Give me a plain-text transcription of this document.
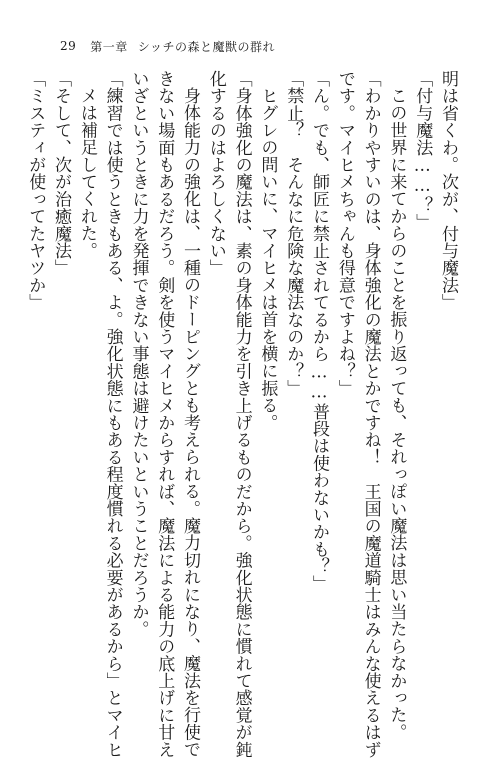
29 第一章 シッチの森と魔獣の群れ
明は省くわ。次が、付与魔法」
「付与魔法……？」
この世界に来てからのことを振り返っても、それっぽい魔法は思い当たらなかった。
「わかりやすいのは、身体強化の魔法とかですね！　王国の魔道騎士はみんな使えるはず
です。マイヒメちゃんも得意ですよね？」
「ん。でも、師匠に禁止されてるから……普段は使わないかも？」
「禁止？　そんなに危険な魔法なのか？」
ヒグレの問いに、マイヒメは首を横に振る。
「身体強化の魔法は、素の身体能力を引き上げるものだから。強化状態に慣れて感覚が鈍
化するのはよろしくない」
身体能力の強化は、一種のドーピングとも考えられる。魔力切れになり、魔法を行使で
きない場面もあるだろう。剣を使うマイヒメからすれば、魔法による能力の底上げに甘え
いざというときに力を発揮できない事態は避けたいということだろうか。
「練習では使うときもある、よ。強化状態にもある程度慣れる必要があるから」とマイヒ
メは補足してくれた。
「そして、次が治癒魔法」
「ミスティが使ってたヤツか」
